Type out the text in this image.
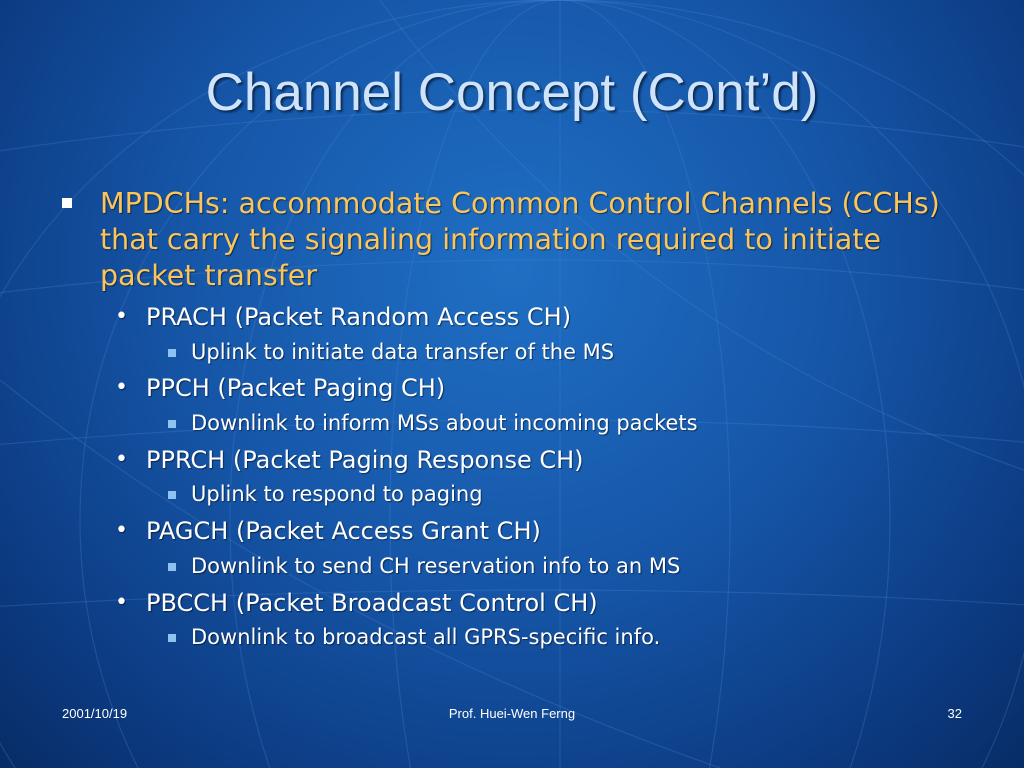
Channel Concept (Cont’d)
MPDCHs: accommodate Common Control Channels (CCHs) that carry the signaling information required to initiate packet transfer
• PRACH (Packet Random Access CH)
Uplink to initiate data transfer of the MS
• PPCH (Packet Paging CH)
Downlink to inform MSs about incoming packets
• PPRCH (Packet Paging Response CH)
Uplink to respond to paging
• PAGCH (Packet Access Grant CH)
Downlink to send CH reservation info to an MS
• PBCCH (Packet Broadcast Control CH)
Downlink to broadcast all GPRS-specific info.
2001/10/19	Prof. Huei-Wen Ferng	32
